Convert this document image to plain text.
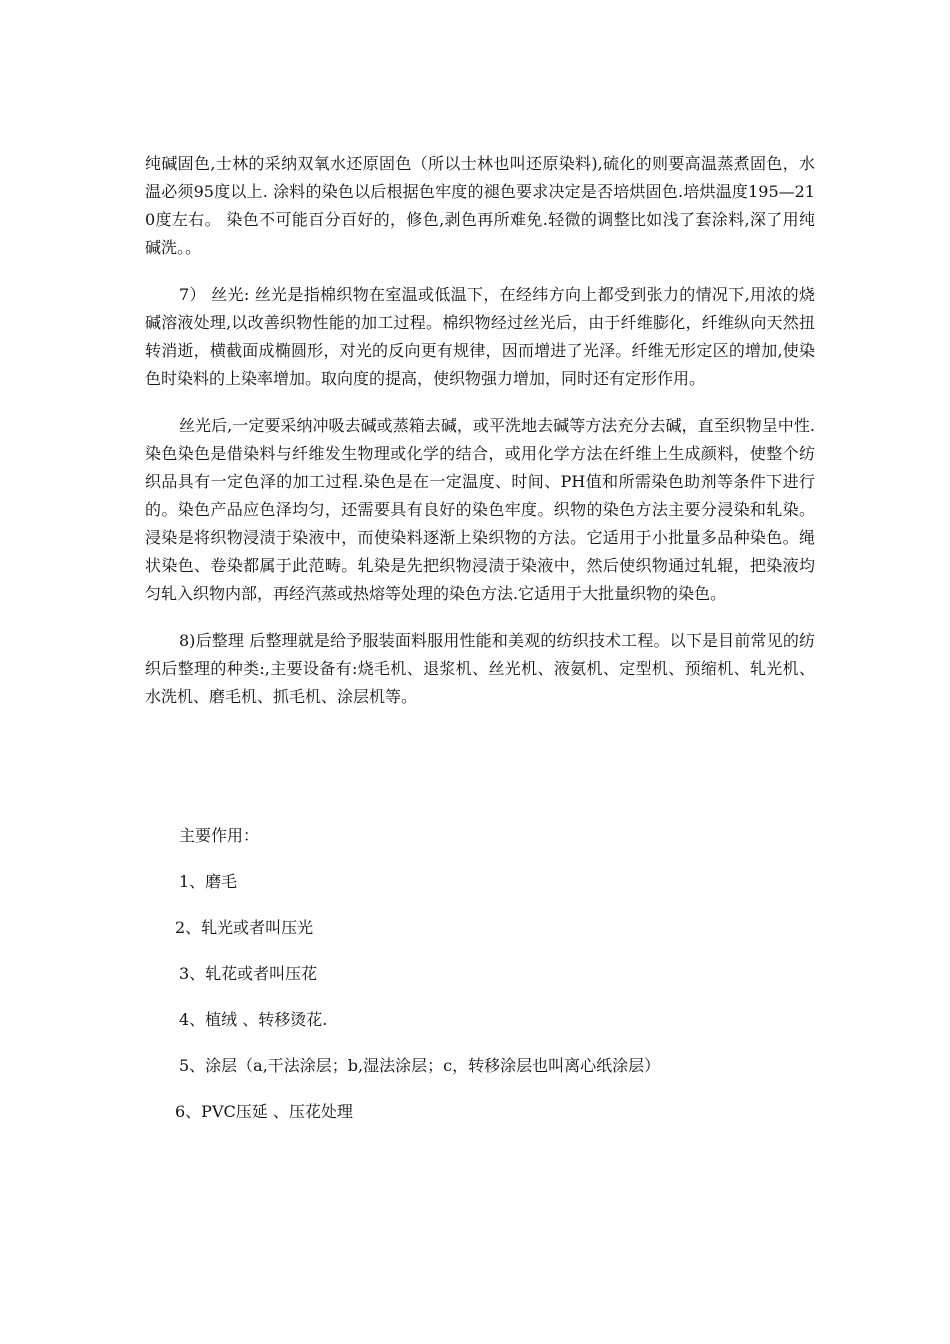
纯碱固色,士林的采纳双氧水还原固色（所以士林也叫还原染料),硫化的则要高温蒸煮固色，水温必须95度以上. 涂料的染色以后根据色牢度的褪色要求决定是否培烘固色.培烘温度195—210度左右。 染色不可能百分百好的，修色,剥色再所难免.轻微的调整比如浅了套涂料,深了用纯碱洗。。

7） 丝光: 丝光是指棉织物在室温或低温下，在经纬方向上都受到张力的情况下,用浓的烧碱溶液处理,以改善织物性能的加工过程。棉织物经过丝光后，由于纤维膨化，纤维纵向天然扭转消逝，横截面成椭圆形，对光的反向更有规律，因而增进了光泽。纤维无形定区的增加,使染色时染料的上染率增加。取向度的提高，使织物强力增加，同时还有定形作用。

丝光后,一定要采纳冲吸去碱或蒸箱去碱，或平洗地去碱等方法充分去碱，直至织物呈中性. 染色染色是借染料与纤维发生物理或化学的结合，或用化学方法在纤维上生成颜料，使整个纺织品具有一定色泽的加工过程.染色是在一定温度、时间、PH值和所需染色助剂等条件下进行的。染色产品应色泽均匀，还需要具有良好的染色牢度。织物的染色方法主要分浸染和轧染。浸染是将织物浸渍于染液中，而使染料逐渐上染织物的方法。它适用于小批量多品种染色。绳状染色、卷染都属于此范畴。轧染是先把织物浸渍于染液中，然后使织物通过轧辊，把染液均匀轧入织物内部，再经汽蒸或热熔等处理的染色方法.它适用于大批量织物的染色。

8)后整理 后整理就是给予服装面料服用性能和美观的纺织技术工程。以下是目前常见的纺织后整理的种类:,主要设备有:烧毛机、退浆机、丝光机、液氨机、定型机、预缩机、轧光机、水洗机、磨毛机、抓毛机、涂层机等。

主要作用：
1、磨毛
2、轧光或者叫压光
3、轧花或者叫压花
4、植绒 、转移烫花.
5、涂层（a,干法涂层；b,湿法涂层；c，转移涂层也叫离心纸涂层）
6、PVC压延 、压花处理
